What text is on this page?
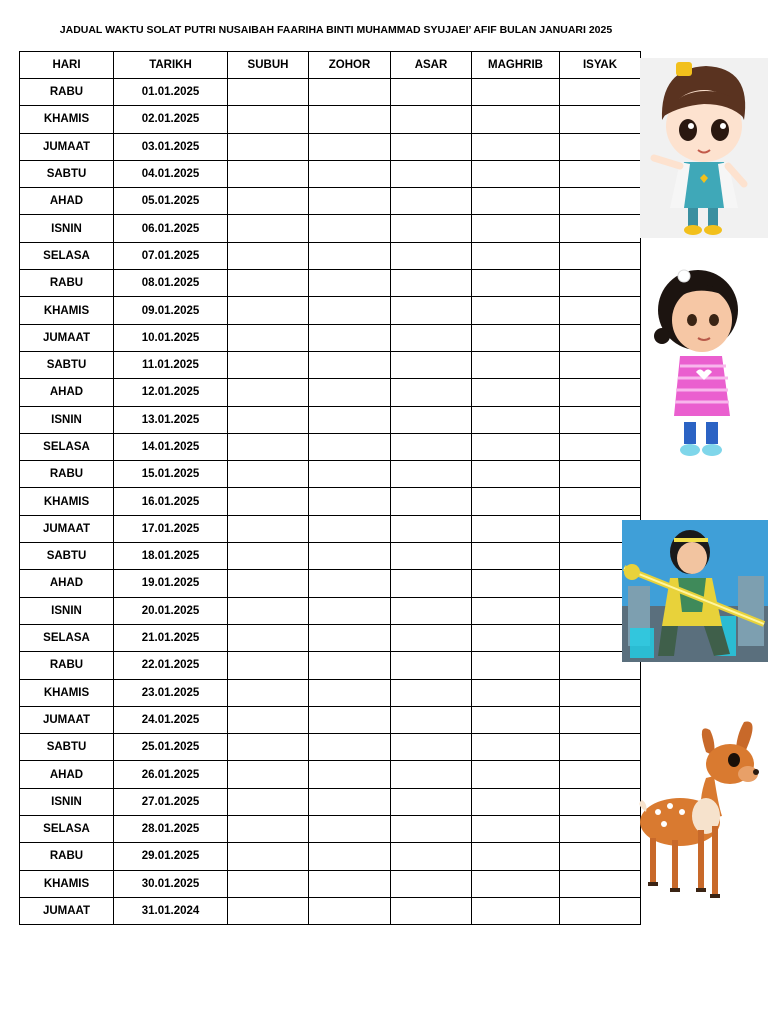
JADUAL WAKTU SOLAT PUTRI NUSAIBAH FAARIHA BINTI MUHAMMAD SYUJAEI’ AFIF BULAN JANUARI 2025
HARI	TARIKH	SUBUH	ZOHOR	ASAR	MAGHRIB	ISYAK
RABU	01.01.2025					
KHAMIS	02.01.2025					
JUMAAT	03.01.2025					
SABTU	04.01.2025					
AHAD	05.01.2025					
ISNIN	06.01.2025					
SELASA	07.01.2025					
RABU	08.01.2025					
KHAMIS	09.01.2025					
JUMAAT	10.01.2025					
SABTU	11.01.2025					
AHAD	12.01.2025					
ISNIN	13.01.2025					
SELASA	14.01.2025					
RABU	15.01.2025					
KHAMIS	16.01.2025					
JUMAAT	17.01.2025					
SABTU	18.01.2025					
AHAD	19.01.2025					
ISNIN	20.01.2025					
SELASA	21.01.2025					
RABU	22.01.2025					
KHAMIS	23.01.2025					
JUMAAT	24.01.2025					
SABTU	25.01.2025					
AHAD	26.01.2025					
ISNIN	27.01.2025					
SELASA	28.01.2025					
RABU	29.01.2025					
KHAMIS	30.01.2025					
JUMAAT	31.01.2024					
